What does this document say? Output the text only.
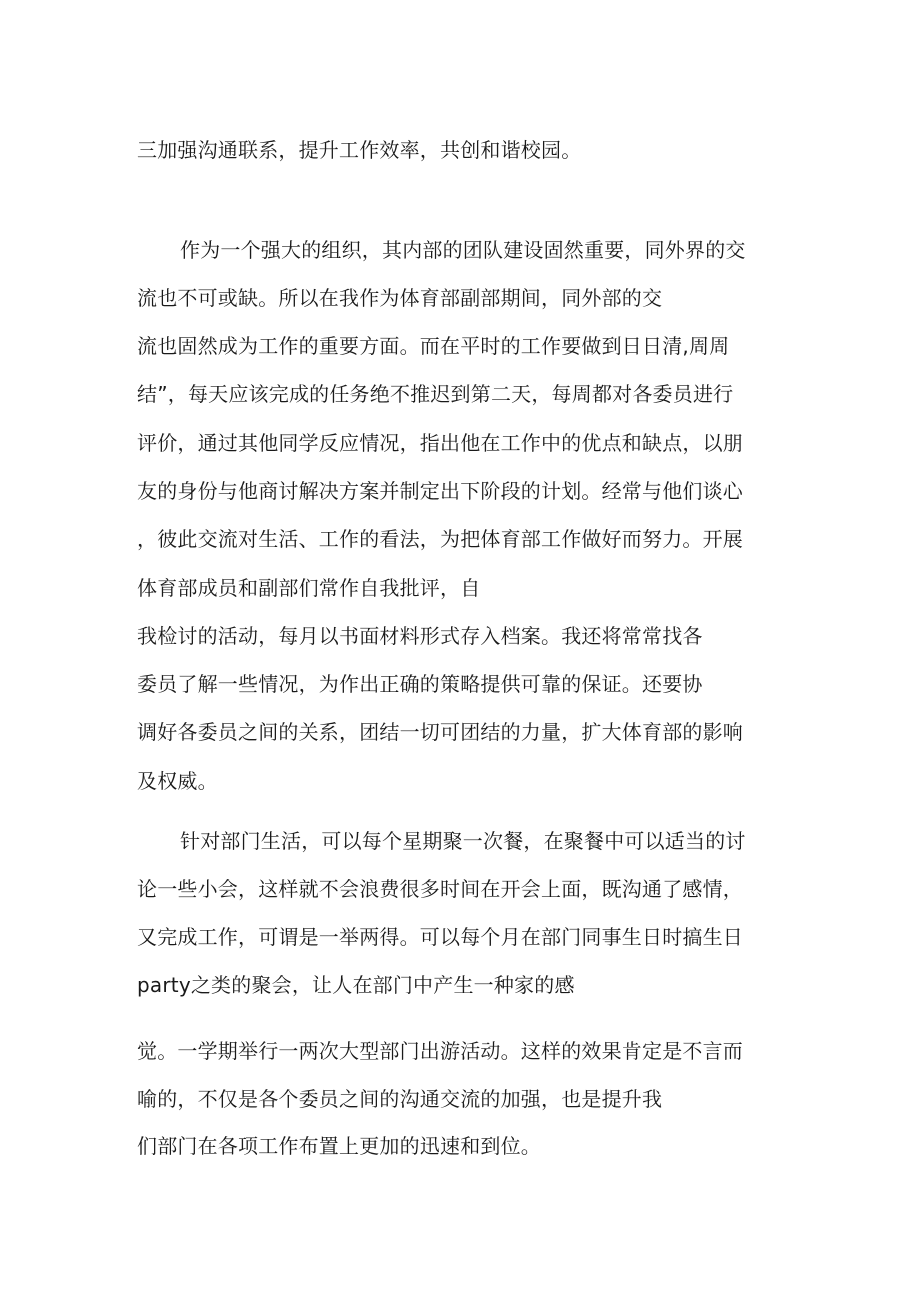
三加强沟通联系，提升工作效率，共创和谐校园。

作为一个强大的组织，其内部的团队建设固然重要，同外界的交

流也不可或缺。所以在我作为体育部副部期间，同外部的交

流也固然成为工作的重要方面。而在平时的工作要做到日日清,周周

结”，每天应该完成的任务绝不推迟到第二天，每周都对各委员进行

评价，通过其他同学反应情况，指出他在工作中的优点和缺点，以朋

友的身份与他商讨解决方案并制定出下阶段的计划。经常与他们谈心

，彼此交流对生活、工作的看法，为把体育部工作做好而努力。开展

体育部成员和副部们常作自我批评，自

我检讨的活动，每月以书面材料形式存入档案。我还将常常找各

委员了解一些情况，为作出正确的策略提供可靠的保证。还要协

调好各委员之间的关系，团结一切可团结的力量，扩大体育部的影响

及权威。

针对部门生活，可以每个星期聚一次餐，在聚餐中可以适当的讨

论一些小会，这样就不会浪费很多时间在开会上面，既沟通了感情，

又完成工作，可谓是一举两得。可以每个月在部门同事生日时搞生日

party之类的聚会，让人在部门中产生一种家的感

觉。一学期举行一两次大型部门出游活动。这样的效果肯定是不言而

喻的，不仅是各个委员之间的沟通交流的加强，也是提升我

们部门在各项工作布置上更加的迅速和到位。
